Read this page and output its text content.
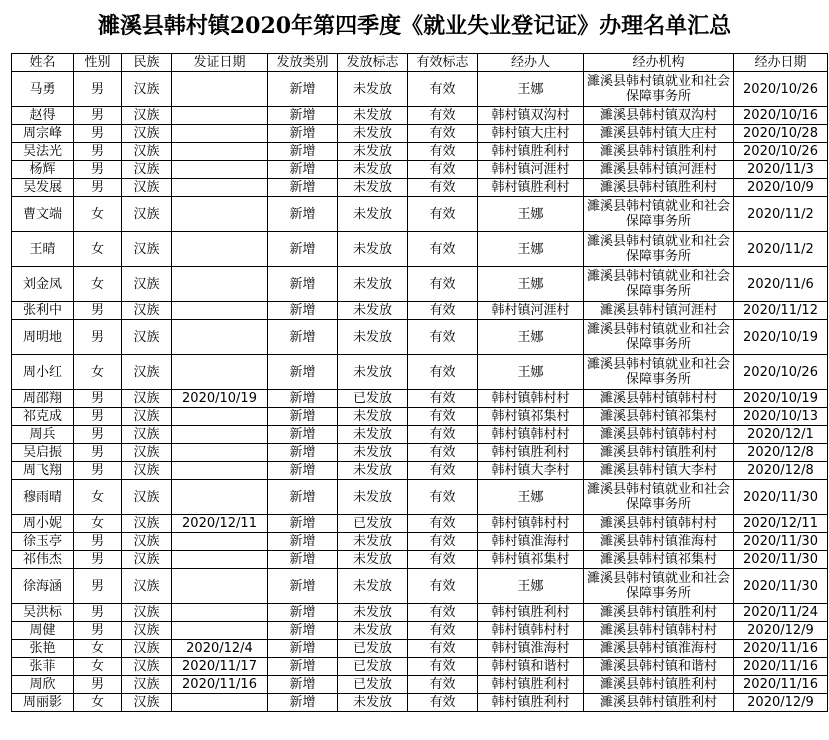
濉溪县韩村镇2020年第四季度《就业失业登记证》办理名单汇总
姓名	性别	民族	发证日期	发放类别	发放标志	有效标志	经办人	经办机构	经办日期
马勇	男	汉族		新增	未发放	有效	王娜	濉溪县韩村镇就业和社会保障事务所	2020/10/26
赵得	男	汉族		新增	未发放	有效	韩村镇双沟村	濉溪县韩村镇双沟村	2020/10/16
周宗峰	男	汉族		新增	未发放	有效	韩村镇大庄村	濉溪县韩村镇大庄村	2020/10/28
吴法光	男	汉族		新增	未发放	有效	韩村镇胜利村	濉溪县韩村镇胜利村	2020/10/26
杨辉	男	汉族		新增	未发放	有效	韩村镇河涯村	濉溪县韩村镇河涯村	2020/11/3
吴发展	男	汉族		新增	未发放	有效	韩村镇胜利村	濉溪县韩村镇胜利村	2020/10/9
曹文端	女	汉族		新增	未发放	有效	王娜	濉溪县韩村镇就业和社会保障事务所	2020/11/2
王晴	女	汉族		新增	未发放	有效	王娜	濉溪县韩村镇就业和社会保障事务所	2020/11/2
刘金凤	女	汉族		新增	未发放	有效	王娜	濉溪县韩村镇就业和社会保障事务所	2020/11/6
张利中	男	汉族		新增	未发放	有效	韩村镇河涯村	濉溪县韩村镇河涯村	2020/11/12
周明地	男	汉族		新增	未发放	有效	王娜	濉溪县韩村镇就业和社会保障事务所	2020/10/19
周小红	女	汉族		新增	未发放	有效	王娜	濉溪县韩村镇就业和社会保障事务所	2020/10/26
周邵翔	男	汉族	2020/10/19	新增	已发放	有效	韩村镇韩村村	濉溪县韩村镇韩村村	2020/10/19
祁克成	男	汉族		新增	未发放	有效	韩村镇祁集村	濉溪县韩村镇祁集村	2020/10/13
周兵	男	汉族		新增	未发放	有效	韩村镇韩村村	濉溪县韩村镇韩村村	2020/12/1
吴启振	男	汉族		新增	未发放	有效	韩村镇胜利村	濉溪县韩村镇胜利村	2020/12/8
周飞翔	男	汉族		新增	未发放	有效	韩村镇大李村	濉溪县韩村镇大李村	2020/12/8
穆雨晴	女	汉族		新增	未发放	有效	王娜	濉溪县韩村镇就业和社会保障事务所	2020/11/30
周小妮	女	汉族	2020/12/11	新增	已发放	有效	韩村镇韩村村	濉溪县韩村镇韩村村	2020/12/11
徐玉亭	男	汉族		新增	未发放	有效	韩村镇淮海村	濉溪县韩村镇淮海村	2020/11/30
祁伟杰	男	汉族		新增	未发放	有效	韩村镇祁集村	濉溪县韩村镇祁集村	2020/11/30
徐海涵	男	汉族		新增	未发放	有效	王娜	濉溪县韩村镇就业和社会保障事务所	2020/11/30
吴洪标	男	汉族		新增	未发放	有效	韩村镇胜利村	濉溪县韩村镇胜利村	2020/11/24
周健	男	汉族		新增	未发放	有效	韩村镇韩村村	濉溪县韩村镇韩村村	2020/12/9
张艳	女	汉族	2020/12/4	新增	已发放	有效	韩村镇淮海村	濉溪县韩村镇淮海村	2020/11/16
张菲	女	汉族	2020/11/17	新增	已发放	有效	韩村镇和谐村	濉溪县韩村镇和谐村	2020/11/16
周欣	男	汉族	2020/11/16	新增	已发放	有效	韩村镇胜利村	濉溪县韩村镇胜利村	2020/11/16
周丽影	女	汉族		新增	未发放	有效	韩村镇胜利村	濉溪县韩村镇胜利村	2020/12/9
